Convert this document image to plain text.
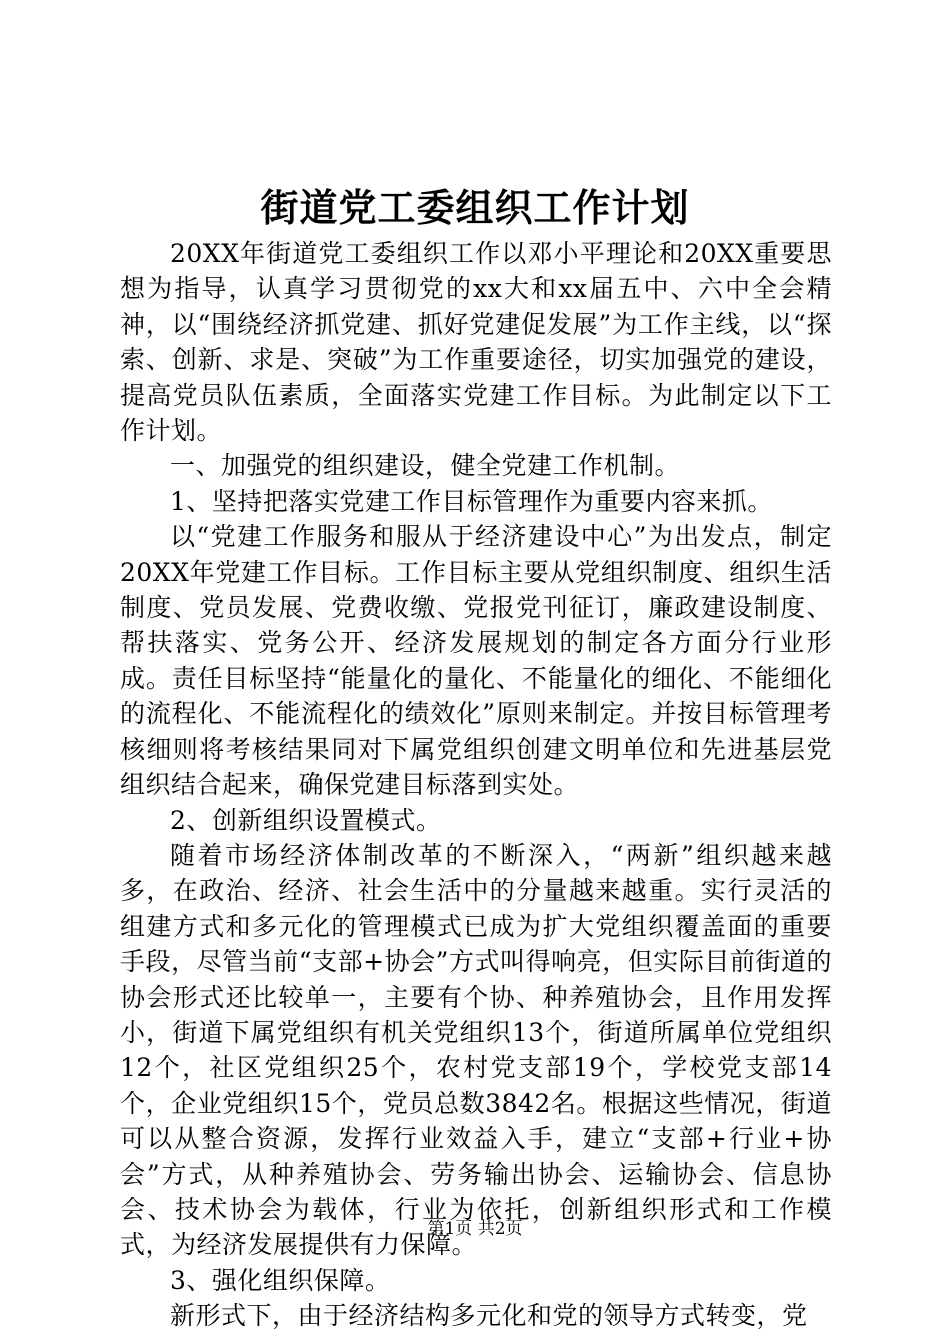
街道党工委组织工作计划

20XX年街道党工委组织工作以邓小平理论和20XX重要思想为指导，认真学习贯彻党的xx大和xx届五中、六中全会精神，以“围绕经济抓党建、抓好党建促发展”为工作主线，以“探索、创新、求是、突破”为工作重要途径，切实加强党的建设，提高党员队伍素质，全面落实党建工作目标。为此制定以下工作计划。

一、加强党的组织建设，健全党建工作机制。

1、坚持把落实党建工作目标管理作为重要内容来抓。

以“党建工作服务和服从于经济建设中心”为出发点，制定20XX年党建工作目标。工作目标主要从党组织制度、组织生活制度、党员发展、党费收缴、党报党刊征订，廉政建设制度、帮扶落实、党务公开、经济发展规划的制定各方面分行业形成。责任目标坚持“能量化的量化、不能量化的细化、不能细化的流程化、不能流程化的绩效化”原则来制定。并按目标管理考核细则将考核结果同对下属党组织创建文明单位和先进基层党组织结合起来，确保党建目标落到实处。

2、创新组织设置模式。

随着市场经济体制改革的不断深入，“两新”组织越来越多，在政治、经济、社会生活中的分量越来越重。实行灵活的组建方式和多元化的管理模式已成为扩大党组织覆盖面的重要手段，尽管当前“支部+协会”方式叫得响亮，但实际目前街道的协会形式还比较单一，主要有个协、种养殖协会，且作用发挥小，街道下属党组织有机关党组织13个，街道所属单位党组织12个，社区党组织25个，农村党支部19个，学校党支部14个，企业党组织15个，党员总数3842名。根据这些情况，街道可以从整合资源，发挥行业效益入手，建立“支部+行业+协会”方式，从种养殖协会、劳务输出协会、运输协会、信息协会、技术协会为载体，行业为依托，创新组织形式和工作模式，为经济发展提供有力保障。

3、强化组织保障。

新形式下，由于经济结构多元化和党的领导方式转变，党

第1页 共2页
